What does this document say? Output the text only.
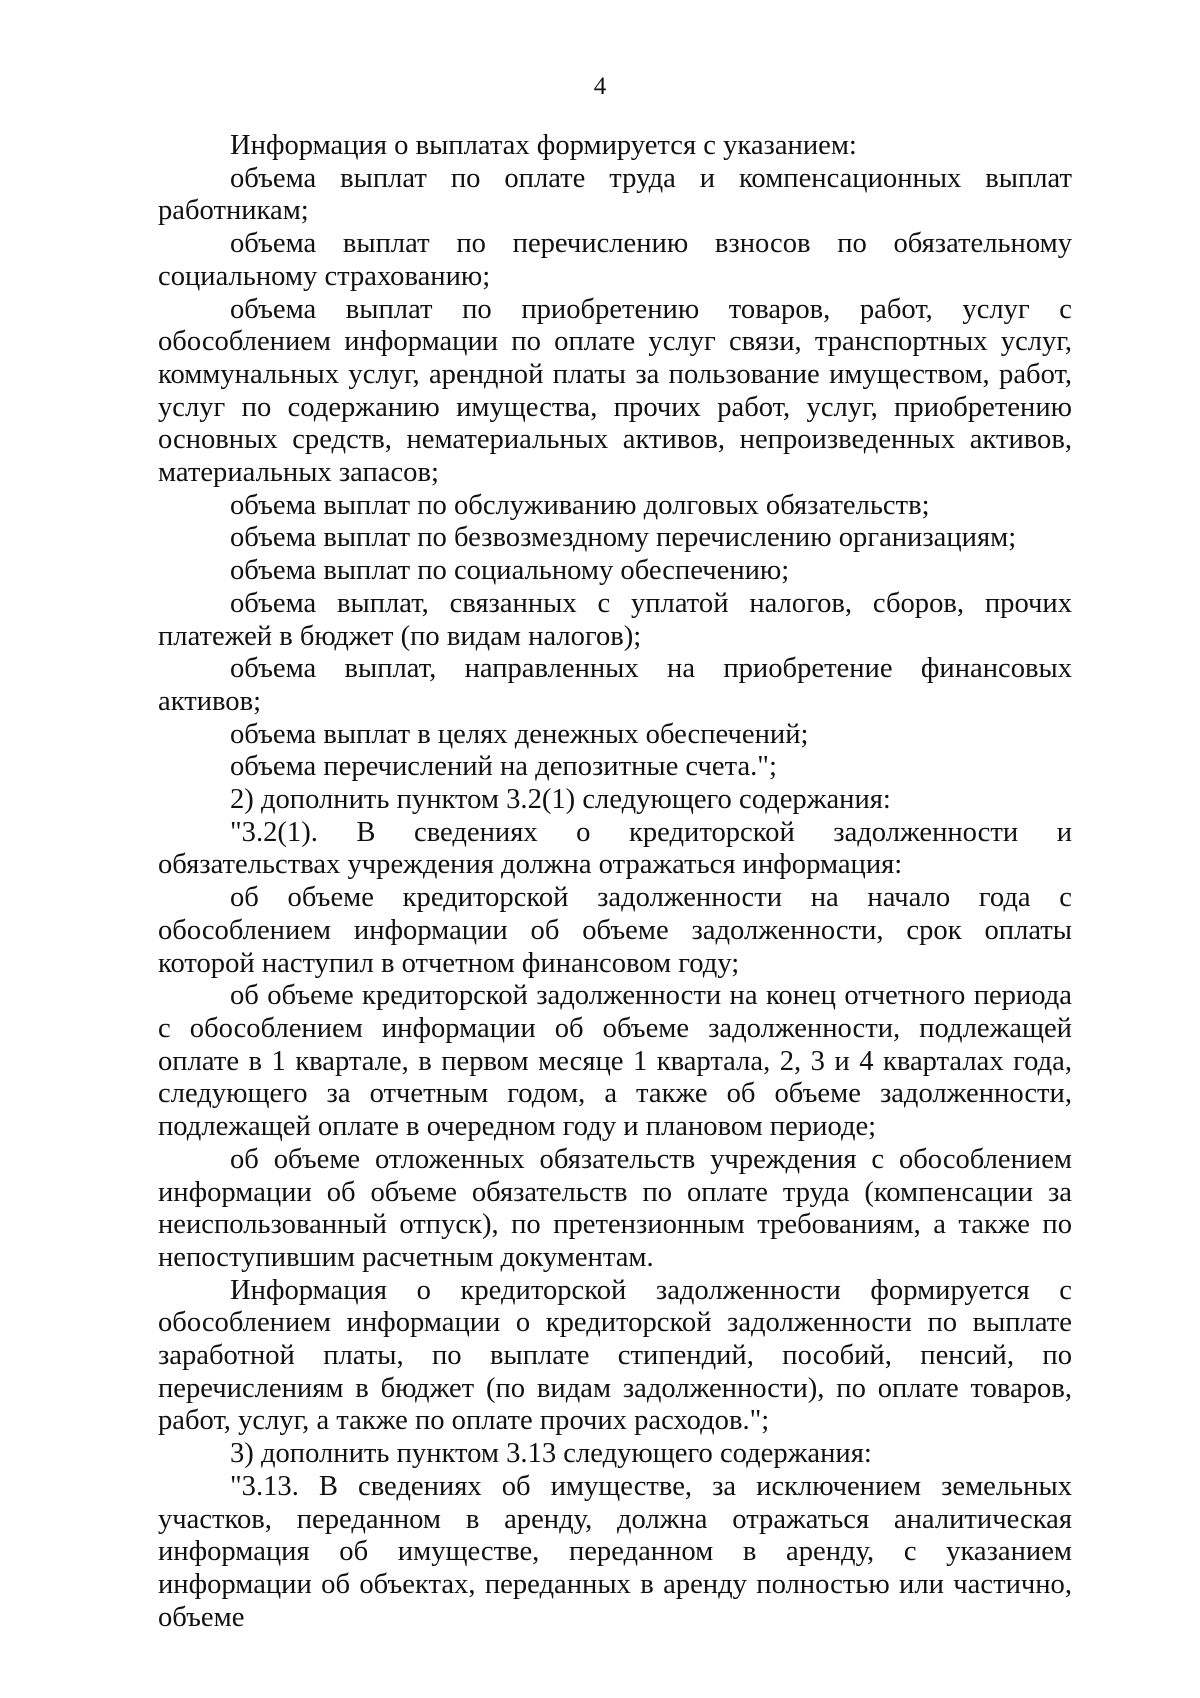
4

Информация о выплатах формируется с указанием:

объема выплат по оплате труда и компенсационных выплат работникам;

объема выплат по перечислению взносов по обязательному социальному страхованию;

объема выплат по приобретению товаров, работ, услуг с обособлением информации по оплате услуг связи, транспортных услуг, коммунальных услуг, арендной платы за пользование имуществом, работ, услуг по содержанию имущества, прочих работ, услуг, приобретению основных средств, нематериальных активов, непроизведенных активов, материальных запасов;

объема выплат по обслуживанию долговых обязательств;

объема выплат по безвозмездному перечислению организациям;

объема выплат по социальному обеспечению;

объема выплат, связанных с уплатой налогов, сборов, прочих платежей в бюджет (по видам налогов);

объема выплат, направленных на приобретение финансовых активов;

объема выплат в целях денежных обеспечений;

объема перечислений на депозитные счета.";

2) дополнить пунктом 3.2(1) следующего содержания:

"3.2(1). В сведениях о кредиторской задолженности и обязательствах учреждения должна отражаться информация:

об объеме кредиторской задолженности на начало года с обособлением информации об объеме задолженности, срок оплаты которой наступил в отчетном финансовом году;

об объеме кредиторской задолженности на конец отчетного периода с обособлением информации об объеме задолженности, подлежащей оплате в 1 квартале, в первом месяце 1 квартала, 2, 3 и 4 кварталах года, следующего за отчетным годом, а также об объеме задолженности, подлежащей оплате в очередном году и плановом периоде;

об объеме отложенных обязательств учреждения с обособлением информации об объеме обязательств по оплате труда (компенсации за неиспользованный отпуск), по претензионным требованиям, а также по непоступившим расчетным документам.

Информация о кредиторской задолженности формируется с обособлением информации о кредиторской задолженности по выплате заработной платы, по выплате стипендий, пособий, пенсий, по перечислениям в бюджет (по видам задолженности), по оплате товаров, работ, услуг, а также по оплате прочих расходов.";

3) дополнить пунктом 3.13 следующего содержания:

"3.13. В сведениях об имуществе, за исключением земельных участков, переданном в аренду, должна отражаться аналитическая информация об имуществе, переданном в аренду, с указанием информации об объектах, переданных в аренду полностью или частично, объеме
